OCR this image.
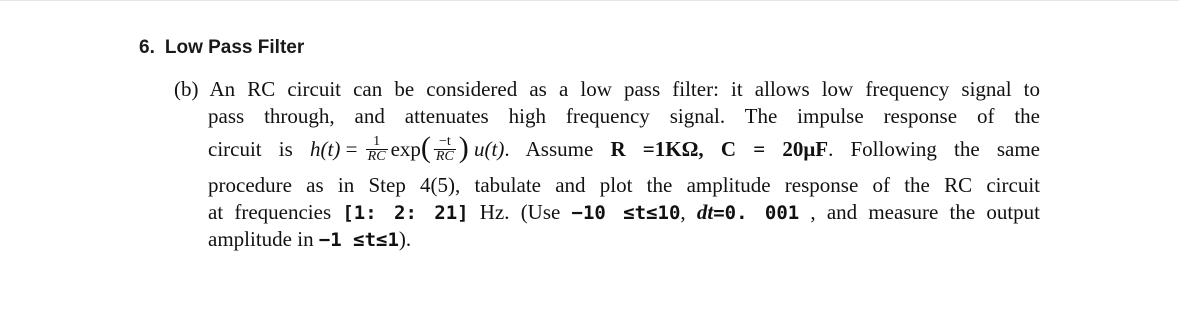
6. Low Pass Filter
(b) An RC circuit can be considered as a low pass filter: it allows low frequency signal to
pass through, and attenuates high frequency signal. The impulse response of the
circuit is $h(t) = \frac{1}{RC} \exp( \frac{-t}{RC}$ ) u(t). Assume R =1KΩ, C = 20μF. Following the same
procedure as in Step 4(5), tabulate and plot the amplitude response of the RC circuit
at frequencies [1: 2: 21] Hz. (Use −10 ≤t≤10, dt=0. 001 , and measure the output
amplitude in −1 ≤t≤1).
